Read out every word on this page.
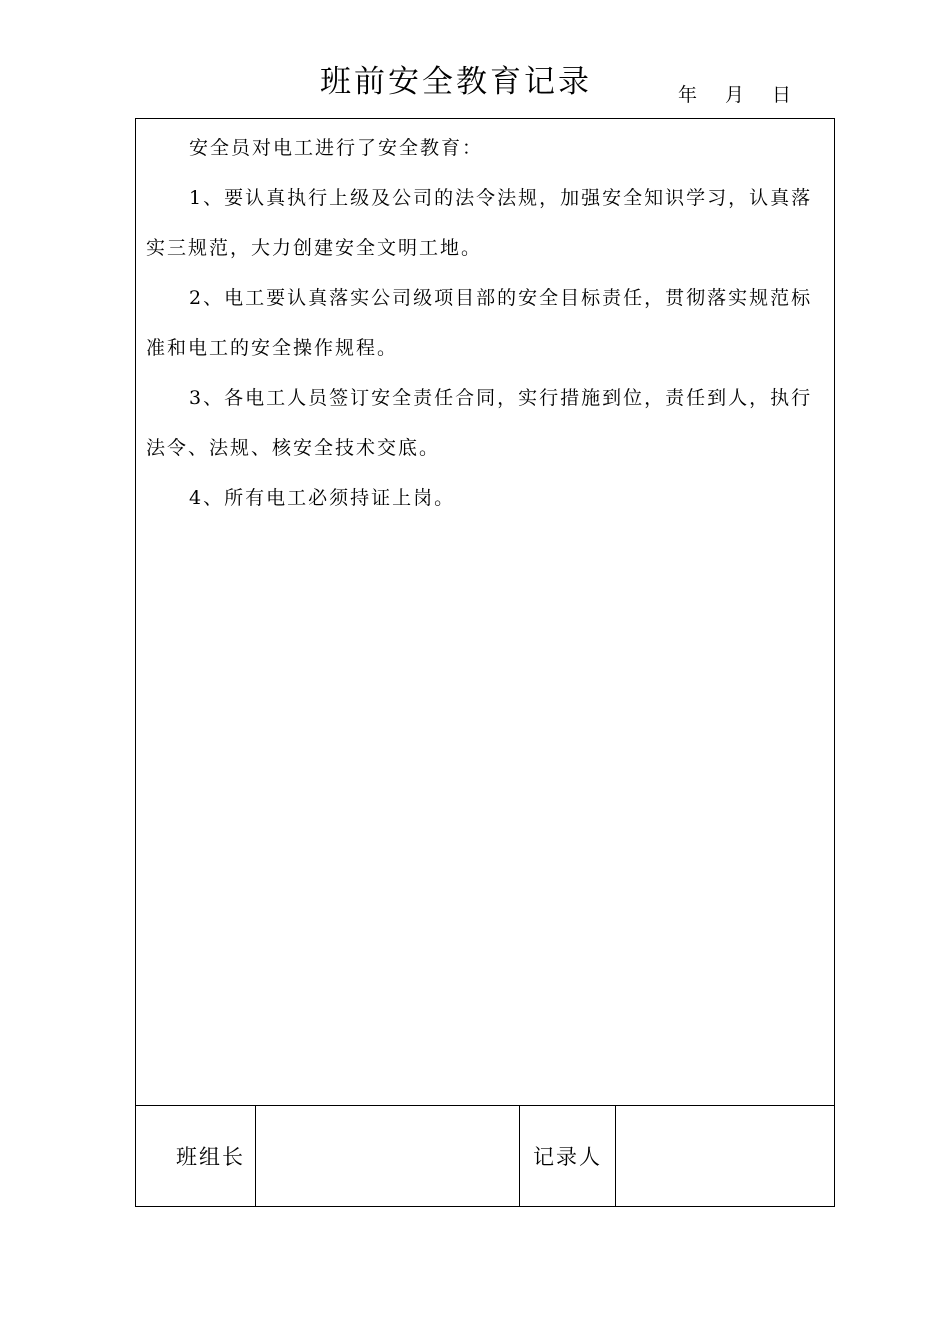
班前安全教育记录	年 月 日

安全员对电工进行了安全教育：

1、要认真执行上级及公司的法令法规，加强安全知识学习，认真落实三规范，大力创建安全文明工地。

2、电工要认真落实公司级项目部的安全目标责任，贯彻落实规范标准和电工的安全操作规程。

3、各电工人员签订安全责任合同，实行措施到位，责任到人，执行法令、法规、核安全技术交底。

4、所有电工必须持证上岗。

班组长	记录人
